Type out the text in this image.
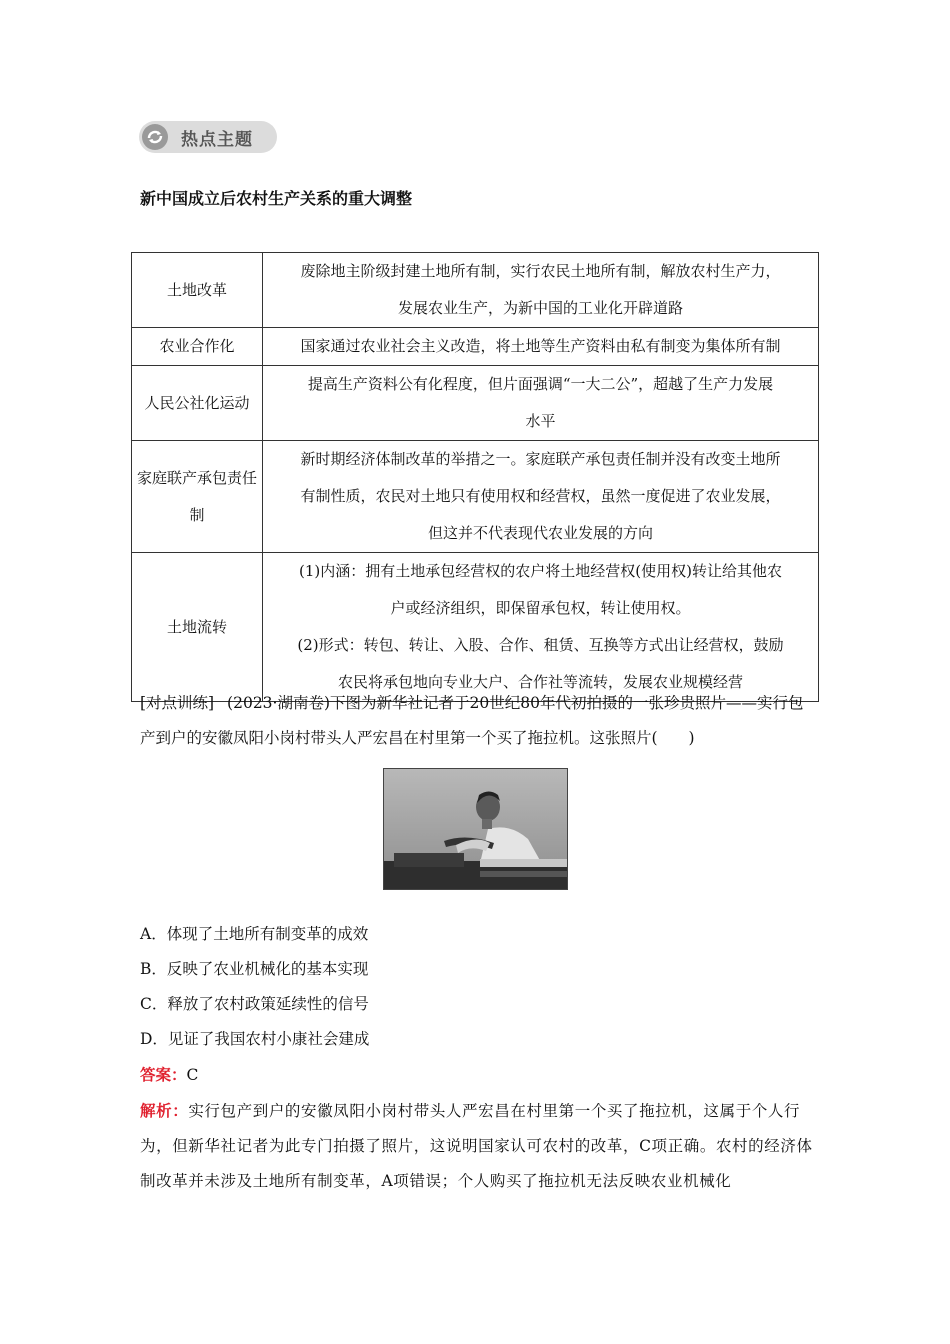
热点主题
新中国成立后农村生产关系的重大调整
土地改革	废除地主阶级封建土地所有制，实行农民土地所有制，解放农村生产力，
发展农业生产，为新中国的工业化开辟道路

农业合作化	国家通过农业社会主义改造，将土地等生产资料由私有制变为集体所有制

人民公社化运动	提高生产资料公有化程度，但片面强调“一大二公”，超越了生产力发展
水平

家庭联产承包责任制	新时期经济体制改革的举措之一。家庭联产承包责任制并没有改变土地所
有制性质，农民对土地只有使用权和经营权，虽然一度促进了农业发展，
但这并不代表现代农业发展的方向

土地流转	(1)内涵：拥有土地承包经营权的农户将土地经营权(使用权)转让给其他农
户或经济组织，即保留承包权，转让使用权。
(2)形式：转包、转让、入股、合作、租赁、互换等方式出让经营权，鼓励
农民将承包地向专业大户、合作社等流转，发展农业规模经营
[对点训练] (2023·湖南卷)下图为新华社记者于20世纪80年代初拍摄的一张珍贵照片——实行包产到户的安徽凤阳小岗村带头人严宏昌在村里第一个买了拖拉机。这张照片(　　)
A．体现了土地所有制变革的成效
B．反映了农业机械化的基本实现
C．释放了农村政策延续性的信号
D．见证了我国农村小康社会建成
答案：C
解析：实行包产到户的安徽凤阳小岗村带头人严宏昌在村里第一个买了拖拉机，这属于个人行为，但新华社记者为此专门拍摄了照片，这说明国家认可农村的改革，C项正确。农村的经济体制改革并未涉及土地所有制变革，A项错误；个人购买了拖拉机无法反映农业机械化
